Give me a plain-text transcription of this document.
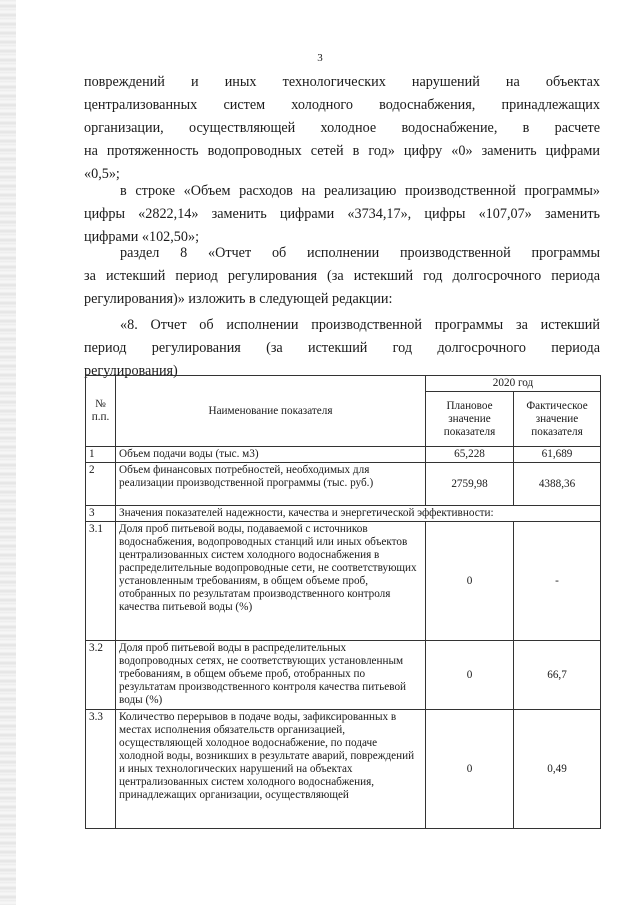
3

повреждений и иных технологических нарушений на объектах

централизованных систем холодного водоснабжения, принадлежащих

организации, осуществляющей холодное водоснабжение, в расчете

на протяженность водопроводных сетей в год» цифру «0» заменить цифрами

«0,5»;

в строке «Объем расходов на реализацию производственной программы»

цифры «2822,14» заменить цифрами «3734,17», цифры «107,07» заменить

цифрами «102,50»;

раздел 8 «Отчет об исполнении производственной программы

за истекший период регулирования (за истекший год долгосрочного периода

регулирования)» изложить в следующей редакции:

«8. Отчет об исполнении производственной программы за истекший

период регулирования (за истекший год долгосрочного периода

регулирования)

№ п.п.	Наименование показателя	2020 год	
		Плановое значение показателя	Фактическое значение показателя
1	Объем подачи воды (тыс. м3)	65,228	61,689
2	Объем финансовых потребностей, необходимых для реализации производственной программы (тыс. руб.)	2759,98	4388,36
3	Значения показателей надежности, качества и энергетической эффективности:		
3.1	Доля проб питьевой воды, подаваемой с источников водоснабжения, водопроводных станций или иных объектов централизованных систем холодного водоснабжения в распределительные водопроводные сети, не соответствующих установленным требованиям, в общем объеме проб, отобранных по результатам производственного контроля качества питьевой воды (%)	0	-
3.2	Доля проб питьевой воды в распределительных водопроводных сетях, не соответствующих установленным требованиям, в общем объеме проб, отобранных по результатам производственного контроля качества питьевой воды (%)	0	66,7
3.3	Количество перерывов в подаче воды, зафиксированных в местах исполнения обязательств организацией, осуществляющей холодное водоснабжение, по подаче холодной воды, возникших в результате аварий, повреждений и иных технологических нарушений на объектах централизованных систем холодного водоснабжения, принадлежащих организации, осуществляющей	0	0,49
